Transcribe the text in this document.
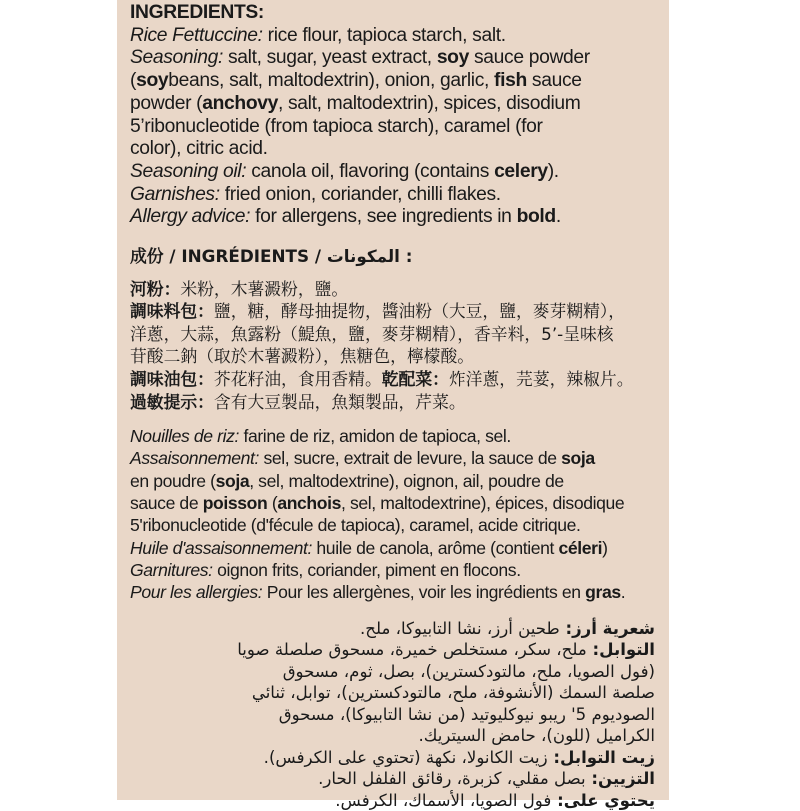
INGREDIENTS:
Rice Fettuccine: rice flour, tapioca starch, salt.
Seasoning: salt, sugar, yeast extract, soy sauce powder
(soybeans, salt, maltodextrin), onion, garlic, fish sauce
powder (anchovy, salt, maltodextrin), spices, disodium
5’ribonucleotide (from tapioca starch), caramel (for
color), citric acid.
Seasoning oil: canola oil, flavoring (contains celery).
Garnishes: fried onion, coriander, chilli flakes.
Allergy advice: for allergens, see ingredients in bold.
成份 / INGRÉDIENTS / المكونات :
河粉：米粉，木薯澱粉，鹽。
調味料包：鹽，糖，酵母抽提物，醬油粉（大豆，鹽，麥芽糊精），
洋蔥，大蒜，魚露粉（鯷魚，鹽，麥芽糊精），香辛料，5’-呈味核
苷酸二鈉（取於木薯澱粉），焦糖色，檸檬酸。
調味油包：芥花籽油，食用香精。乾配菜：炸洋蔥，芫荽，辣椒片。
過敏提示：含有大豆製品，魚類製品，芹菜。
Nouilles de riz: farine de riz, amidon de tapioca, sel.
Assaisonnement: sel, sucre, extrait de levure, la sauce de soja
en poudre (soja, sel, maltodextrine), oignon, ail, poudre de
sauce de poisson (anchois, sel, maltodextrine), épices, disodique
5'ribonucleotide (d'fécule de tapioca), caramel, acide citrique.
Huile d'assaisonnement: huile de canola, arôme (contient céleri)
Garnitures: oignon frits, coriander, piment en flocons.
Pour les allergies: Pour les allergènes, voir les ingrédients en gras.
شعرية أرز: طحين أرز، نشا التابيوكا، ملح.
التوابل: ملح، سكر، مستخلص خميرة، مسحوق صلصلة صويا
(فول الصويا، ملح، مالتودكسترين)، بصل، ثوم، مسحوق
صلصة السمك (الأنشوفة، ملح، مالتودكسترين)، توابل، ثنائي
الصوديوم 5' ريبو نيوكليوتيد (من نشا التابيوكا)، مسحوق
الكراميل (للون)، حامض السيتريك.
زيت التوابل: زيت الكانولا، نكهة (تحتوي على الكرفس).
التزيين: بصل مقلي، كزبرة، رقائق الفلفل الحار.
يحتوي على: فول الصويا، الأسماك، الكرفس.
